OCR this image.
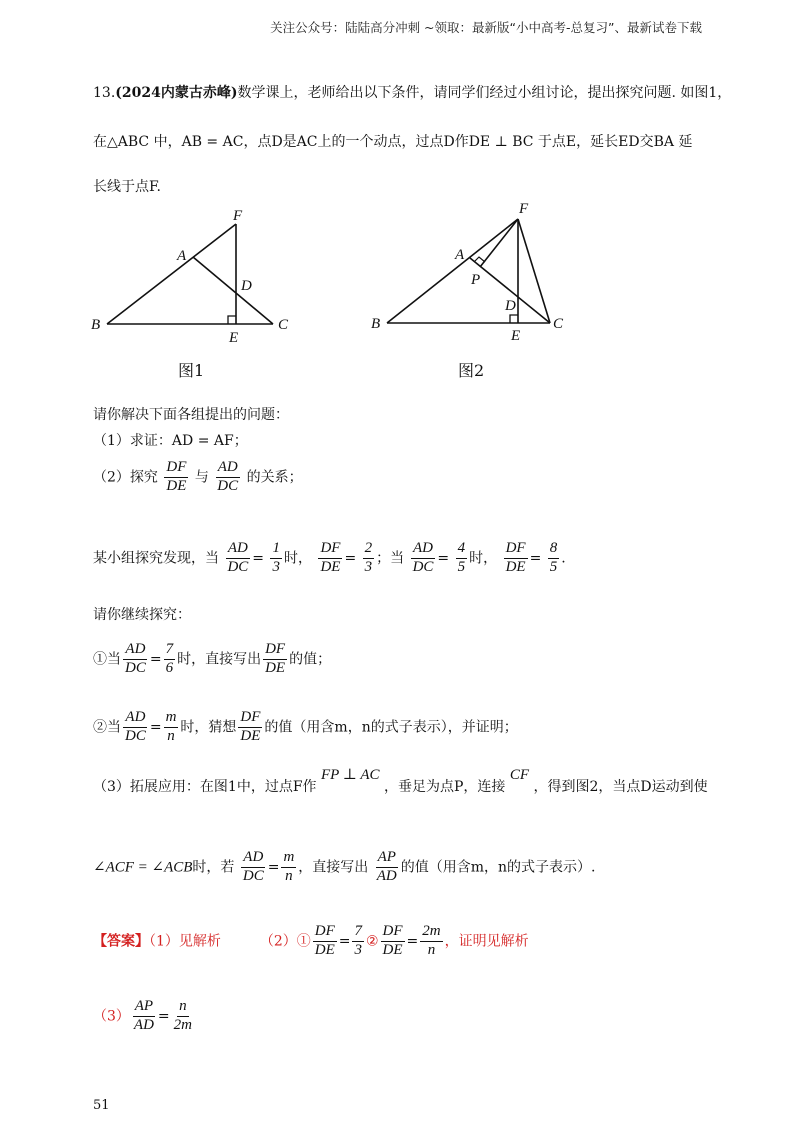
关注公众号：陆陆高分冲刺 ~领取：最新版“小中高考-总复习”、最新试卷下载
13.(2024内蒙古赤峰)数学课上，老师给出以下条件，请同学们经过小组讨论，提出探究问题. 如图1，
在△ABC 中，AB = AC，点D是AC上的一个动点，过点D作DE ⊥ BC 于点E，延长ED交BA 延
长线于点F.
F
A
D
B
E
C
图1
F
A
P
D
B
E
C
图2
请你解决下面各组提出的问题：
（1）求证：AD = AF；
（2）探究 $\frac{DF}{DE}$ 与 $\frac{AD}{DC}$ 的关系；
某小组探究发现，当 $\frac{AD}{DC} = \frac{1}{3}$ 时， $\frac{DF}{DE} = \frac{2}{3}$ ；当 $\frac{AD}{DC} = \frac{4}{5}$ 时， $\frac{DF}{DE} = \frac{8}{5}$ .
请你继续探究：
①当 $\frac{AD}{DC} = \frac{7}{6}$ 时，直接写出 $\frac{DF}{DE}$ 的值；
②当 $\frac{AD}{DC} = \frac{m}{n}$ 时，猜想 $\frac{DF}{DE}$ 的值（用含m，n的式子表示），并证明；
（3）拓展应用：在图1中，过点F作 FP ⊥ AC ，垂足为点P，连接 CF ，得到图2，当点D运动到使
∠ACF = ∠ACB时，若 $\frac{AD}{DC} = \frac{m}{n}$ ，直接写出 $\frac{AP}{AD}$ 的值（用含m，n的式子表示）.
【答案】（1）见解析	（2）① $\frac{DF}{DE} = \frac{7}{3}$ ② $\frac{DF}{DE} = \frac{2m}{n}$ ，证明见解析
$(3) \frac{AP}{AD} = \frac{n}{2m}$
51
